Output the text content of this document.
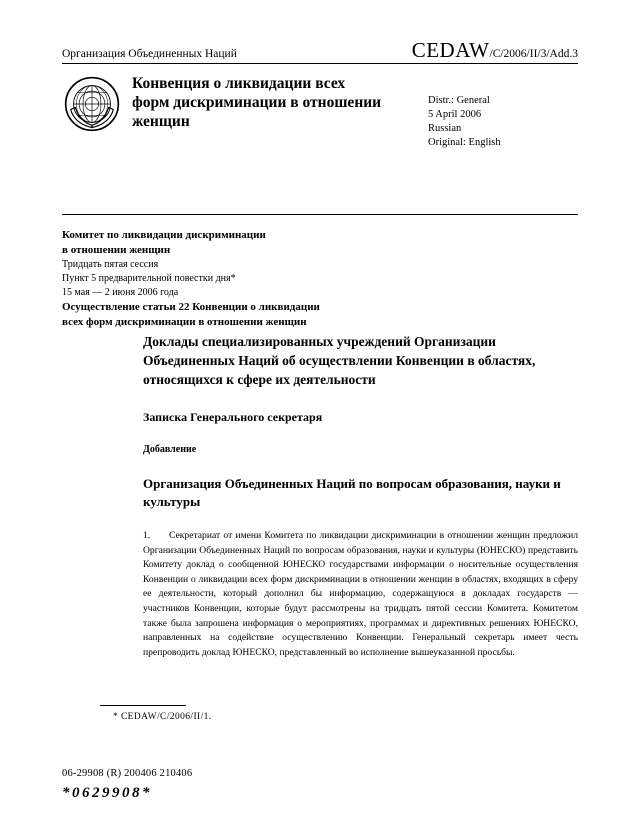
Организация Объединенных Наций	CEDAW/C/2006/II/3/Add.3
Конвенция о ликвидации всех форм дискриминации в отношении женщин
Distr.: General
5 April 2006
Russian
Original: English
Комитет по ликвидации дискриминации
в отношении женщин
Тридцать пятая сессия
Пункт 5 предварительной повестки дня*
15 мая — 2 июня 2006 года
Осуществление статьи 22 Конвенции о ликвидации
всех форм дискриминации в отношении женщин
Доклады специализированных учреждений Организации Объединенных Наций об осуществлении Конвенции в областях, относящихся к сфере их деятельности
Записка Генерального секретаря
Добавление
Организация Объединенных Наций по вопросам образования, науки и культуры
1. Секретариат от имени Комитета по ликвидации дискриминации в отношении женщин предложил Организации Объединенных Наций по вопросам образования, науки и культуры (ЮНЕСКО) представить Комитету доклад о сообщенной ЮНЕСКО государствами информации о носительные осуществления Конвенции о ликвидации всех форм дискриминации в отношении женщин в областях, входящих в сферу ее деятельности, который дополнил бы информацию, содержащуюся в докладах государств — участников Конвенции, которые будут рассмотрены на тридцать пятой сессии Комитета. Комитетом также была запрошена информация о мероприятиях, программах и директивных решениях ЮНЕСКО, направленных на содействие осуществлению Конвенции. Генеральный секретарь имеет честь препроводить доклад ЮНЕСКО, представленный во исполнение вышеуказанной просьбы.
* CEDAW/C/2006/II/1.
06-29908 (R) 200406 210406
*0629908*
